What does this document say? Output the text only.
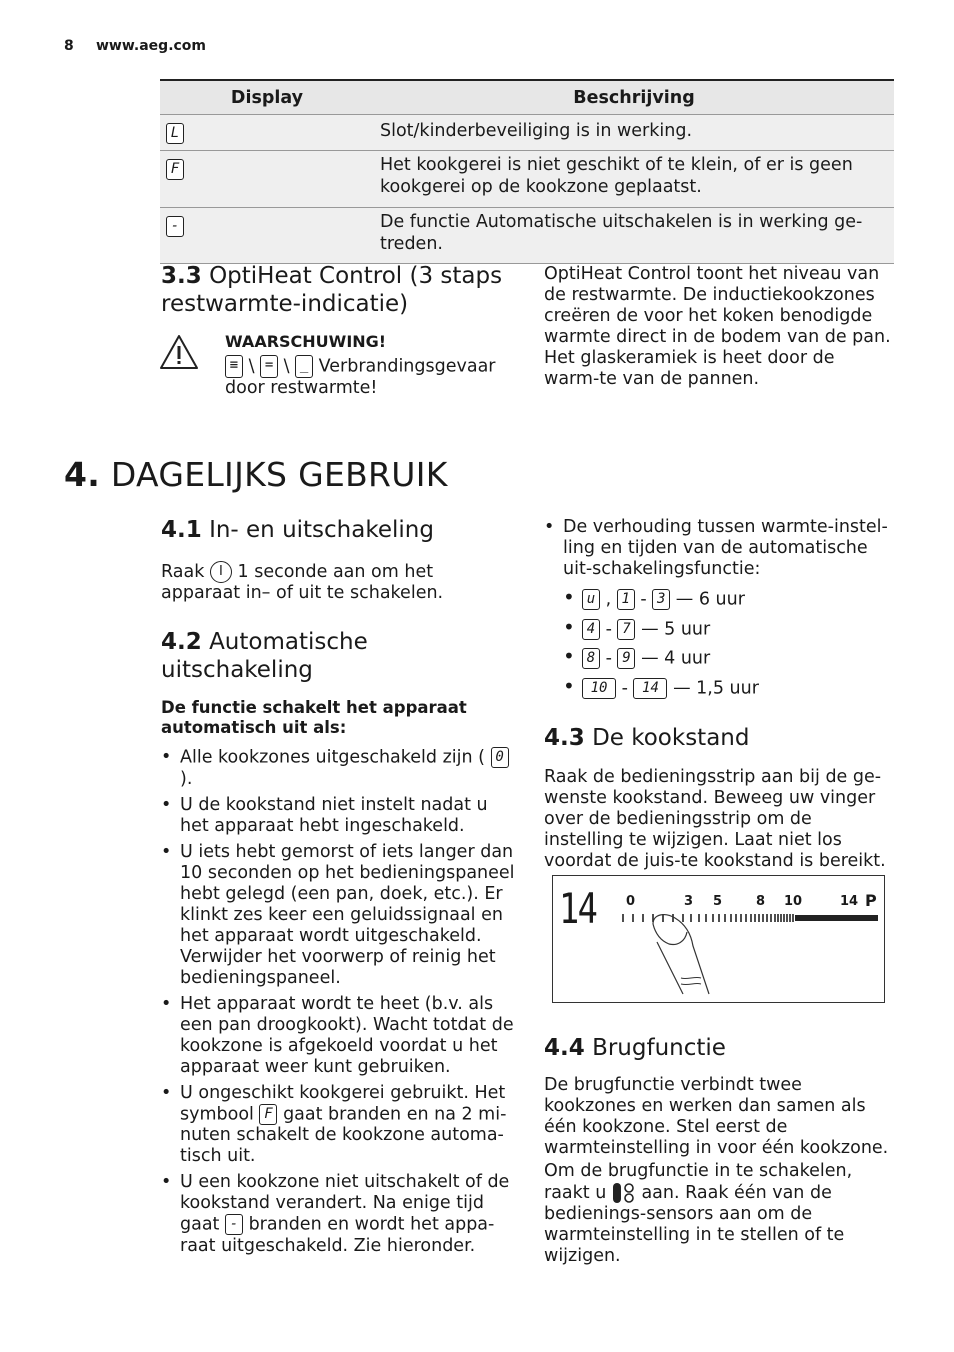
8 www.aeg.com
Display	Beschrijving
L	Slot/kinderbeveiliging is in werking.
F	Het kookgerei is niet geschikt of te klein, of er is geen kookgerei op de kookzone geplaatst.
-	De functie Automatische uitschakelen is in werking ge-treden.
3.3 OptiHeat Control (3 staps restwarmte-indicatie)
WAARSCHUWING!
≡ \ = \ _ Verbrandingsgevaar door restwarmte!
OptiHeat Control toont het niveau van de restwarmte. De inductiekookzones creëren de voor het koken benodigde warmte direct in de bodem van de pan. Het glaskeramiek is heet door de warm-te van de pannen.
4. DAGELIJKS GEBRUIK
4.1 In- en uitschakeling
Raak I 1 seconde aan om het apparaat in– of uit te schakelen.
4.2 Automatische uitschakeling
De functie schakelt het apparaat automatisch uit als:
• Alle kookzones uitgeschakeld zijn ( 0
).
• U de kookstand niet instelt nadat u het apparaat hebt ingeschakeld.
• U iets hebt gemorst of iets langer dan 10 seconden op het bedieningspaneel hebt gelegd (een pan, doek, etc.). Er klinkt zes keer een geluidssignaal en het apparaat wordt uitgeschakeld. Verwijder het voorwerp of reinig het bedieningspaneel.
• Het apparaat wordt te heet (b.v. als een pan droogkookt). Wacht totdat de kookzone is afgekoeld voordat u het apparaat weer kunt gebruiken.
• U ongeschikt kookgerei gebruikt. Het symbool F gaat branden en na 2 mi-nuten schakelt de kookzone automa-tisch uit.
• U een kookzone niet uitschakelt of de kookstand verandert. Na enige tijd gaat - branden en wordt het appa-raat uitgeschakeld. Zie hieronder.
• De verhouding tussen warmte-instel-ling en tijden van de automatische uit-schakelingsfunctie:
• u , 1 - 3 — 6 uur
• 4 - 7 — 5 uur
• 8 - 9 — 4 uur
• 10 - 14 — 1,5 uur
4.3 De kookstand
Raak de bedieningsstrip aan bij de ge-wenste kookstand. Beweeg uw vinger over de bedieningsstrip om de instelling te wijzigen. Laat niet los voordat de juis-te kookstand is bereikt.
14 0	3 5	8 10	14 P
4.4 Brugfunctie
De brugfunctie verbindt twee kookzones en werken dan samen als één kookzone. Stel eerst de warmteinstelling in voor één kookzone.
Om de brugfunctie in te schakelen, raakt u aan. Raak één van de bedienings-sensors aan om de warmteinstelling in te stellen of te wijzigen.
